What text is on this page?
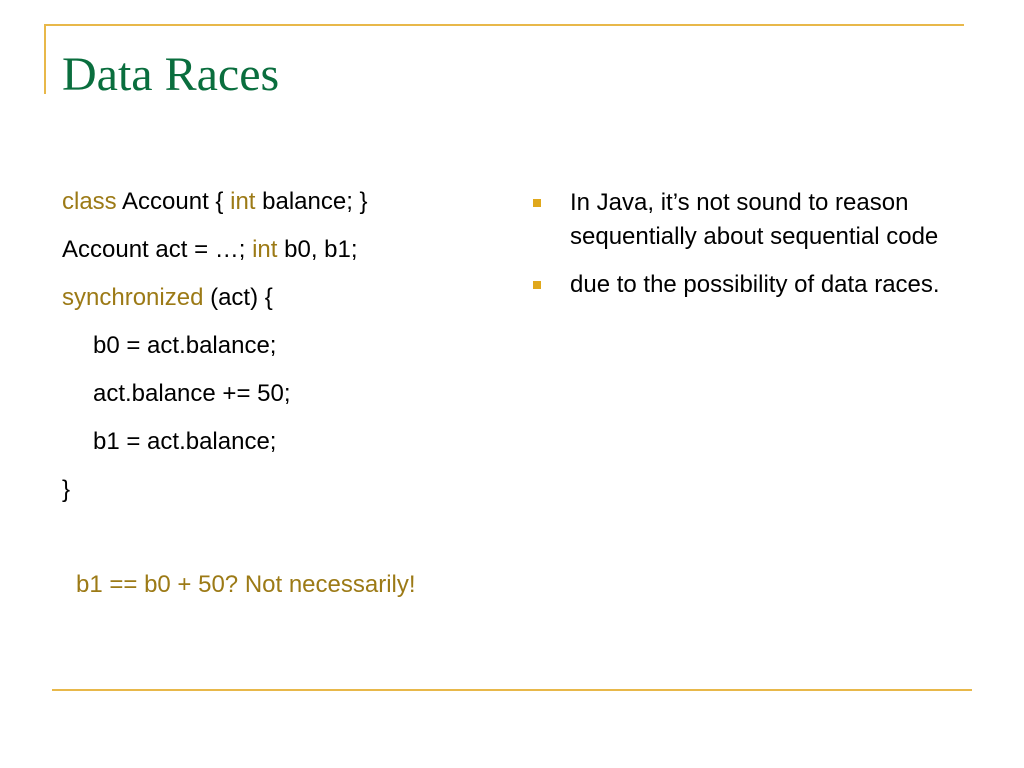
Data Races
class Account { int balance; }
Account act = …; int b0, b1;
synchronized (act) {
b0 = act.balance;
act.balance += 50;
b1 = act.balance;
}
b1 == b0 + 50? Not necessarily!
In Java, it’s not sound to reason sequentially about sequential code
due to the possibility of data races.
